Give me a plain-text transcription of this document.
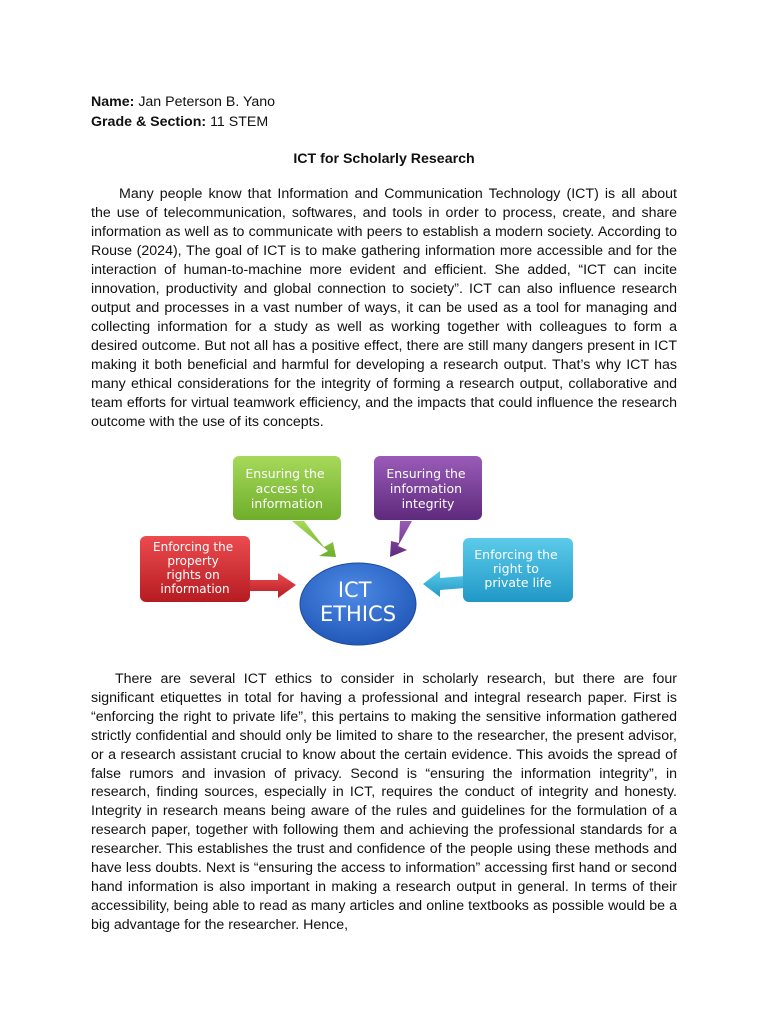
Name: Jan Peterson B. Yano
Grade & Section: 11 STEM
ICT for Scholarly Research

Many people know that Information and Communication Technology (ICT) is all about the use of telecommunication, softwares, and tools in order to process, create, and share information as well as to communicate with peers to establish a modern society. According to Rouse (2024), The goal of ICT is to make gathering information more accessible and for the interaction of human-to-machine more evident and efficient. She added, “ICT can incite innovation, productivity and global connection to society”. ICT can also influence research output and processes in a vast number of ways, it can be used as a tool for managing and collecting information for a study as well as working together with colleagues to form a desired outcome. But not all has a positive effect, there are still many dangers present in ICT making it both beneficial and harmful for developing a research output. That’s why ICT has many ethical considerations for the integrity of forming a research output, collaborative and team efforts for virtual teamwork efficiency, and the impacts that could influence the research outcome with the use of its concepts.

Ensuring the access to information
Ensuring the information integrity
Enforcing the property rights on information
Enforcing the right to private life
ICT ETHICS

There are several ICT ethics to consider in scholarly research, but there are four significant etiquettes in total for having a professional and integral research paper. First is “enforcing the right to private life”, this pertains to making the sensitive information gathered strictly confidential and should only be limited to share to the researcher, the present advisor, or a research assistant crucial to know about the certain evidence. This avoids the spread of false rumors and invasion of privacy. Second is “ensuring the information integrity”, in research, finding sources, especially in ICT, requires the conduct of integrity and honesty. Integrity in research means being aware of the rules and guidelines for the formulation of a research paper, together with following them and achieving the professional standards for a researcher. This establishes the trust and confidence of the people using these methods and have less doubts. Next is “ensuring the access to information” accessing first hand or second hand information is also important in making a research output in general. In terms of their accessibility, being able to read as many articles and online textbooks as possible would be a big advantage for the researcher. Hence,
